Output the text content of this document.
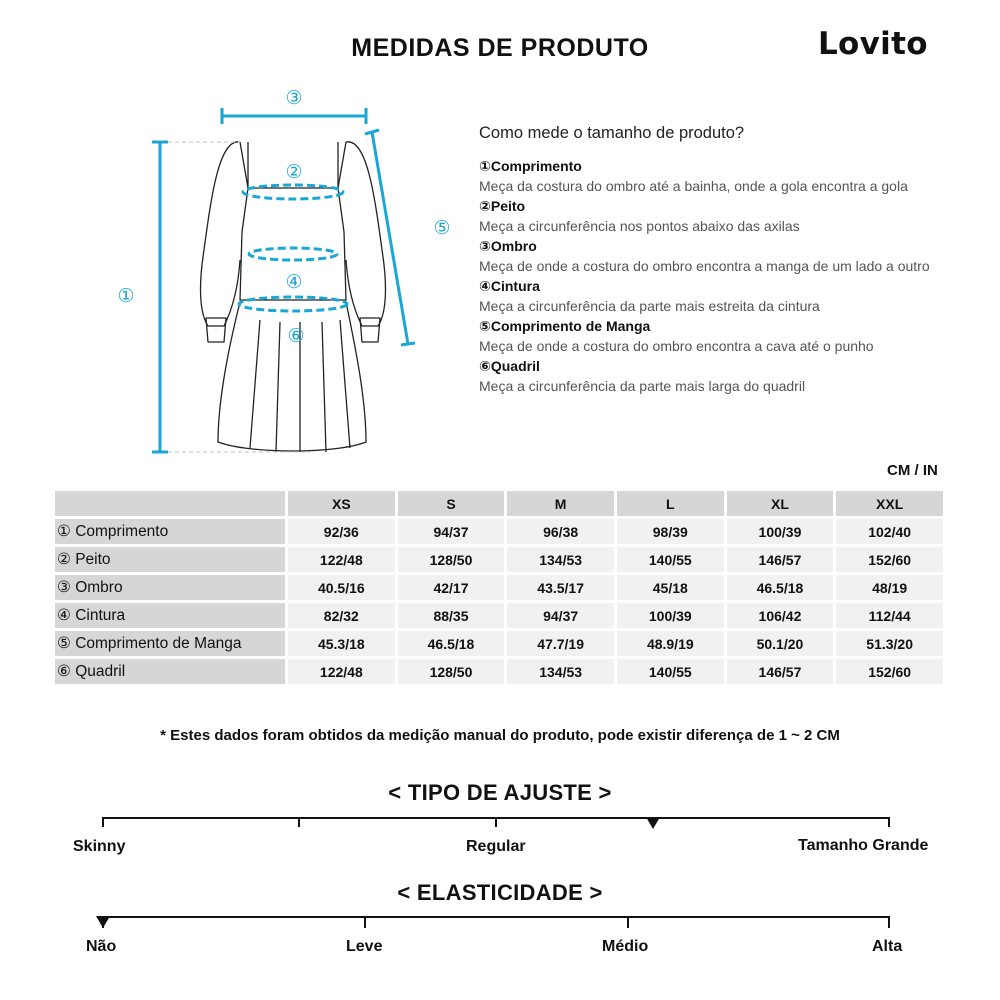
MEDIDAS DE PRODUTO	Lovito
①
②
③
④
⑤
⑥
Como mede o tamanho de produto?
①Comprimento
Meça da costura do ombro até a bainha, onde a gola encontra a gola
②Peito
Meça a circunferência nos pontos abaixo das axilas
③Ombro
Meça de onde a costura do ombro encontra a manga de um lado a outro
④Cintura
Meça a circunferência da parte mais estreita da cintura
⑤Comprimento de Manga
Meça de onde a costura do ombro encontra a cava até o punho
⑥Quadril
Meça a circunferência da parte mais larga do quadril
CM / IN
	XS	S	M	L	XL	XXL
① Comprimento	92/36	94/37	96/38	98/39	100/39	102/40
② Peito	122/48	128/50	134/53	140/55	146/57	152/60
③ Ombro	40.5/16	42/17	43.5/17	45/18	46.5/18	48/19
④ Cintura	82/32	88/35	94/37	100/39	106/42	112/44
⑤ Comprimento de Manga	45.3/18	46.5/18	47.7/19	48.9/19	50.1/20	51.3/20
⑥ Quadril	122/48	128/50	134/53	140/55	146/57	152/60
* Estes dados foram obtidos da medição manual do produto, pode existir diferença de 1 ~ 2 CM
< TIPO DE AJUSTE >
Skinny	Regular	Tamanho Grande
< ELASTICIDADE >
Não	Leve	Médio	Alta
